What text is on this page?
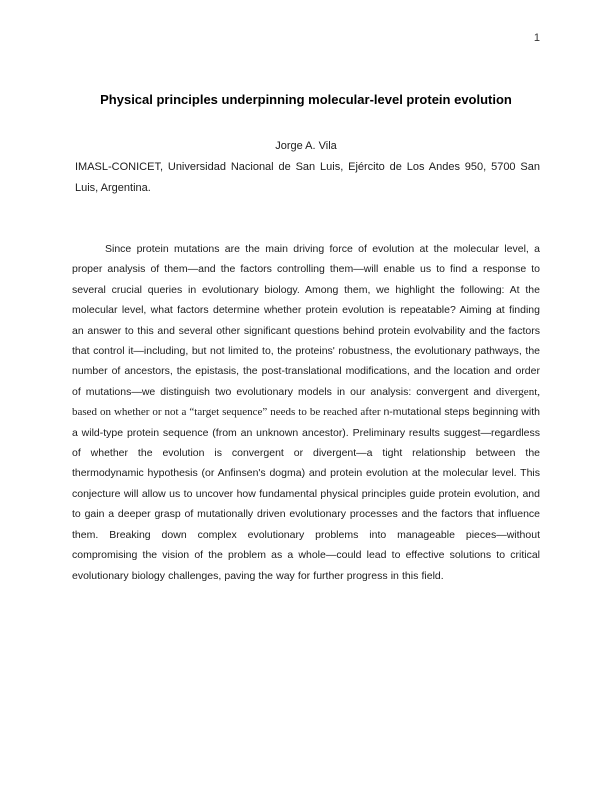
1
Physical principles underpinning molecular-level protein evolution
Jorge A. Vila

IMASL-CONICET, Universidad Nacional de San Luis, Ejército de Los Andes 950, 5700 San Luis, Argentina.

Since protein mutations are the main driving force of evolution at the molecular level, a proper analysis of them—and the factors controlling them—will enable us to find a response to several crucial queries in evolutionary biology. Among them, we highlight the following: At the molecular level, what factors determine whether protein evolution is repeatable? Aiming at finding an answer to this and several other significant questions behind protein evolvability and the factors that control it—including, but not limited to, the proteins' robustness, the evolutionary pathways, the number of ancestors, the epistasis, the post-translational modifications, and the location and order of mutations—we distinguish two evolutionary models in our analysis: convergent and divergent, based on whether or not a “target sequence” needs to be reached after n-mutational steps beginning with a wild-type protein sequence (from an unknown ancestor). Preliminary results suggest—regardless of whether the evolution is convergent or divergent—a tight relationship between the thermodynamic hypothesis (or Anfinsen's dogma) and protein evolution at the molecular level. This conjecture will allow us to uncover how fundamental physical principles guide protein evolution, and to gain a deeper grasp of mutationally driven evolutionary processes and the factors that influence them. Breaking down complex evolutionary problems into manageable pieces—without compromising the vision of the problem as a whole—could lead to effective solutions to critical evolutionary biology challenges, paving the way for further progress in this field.
